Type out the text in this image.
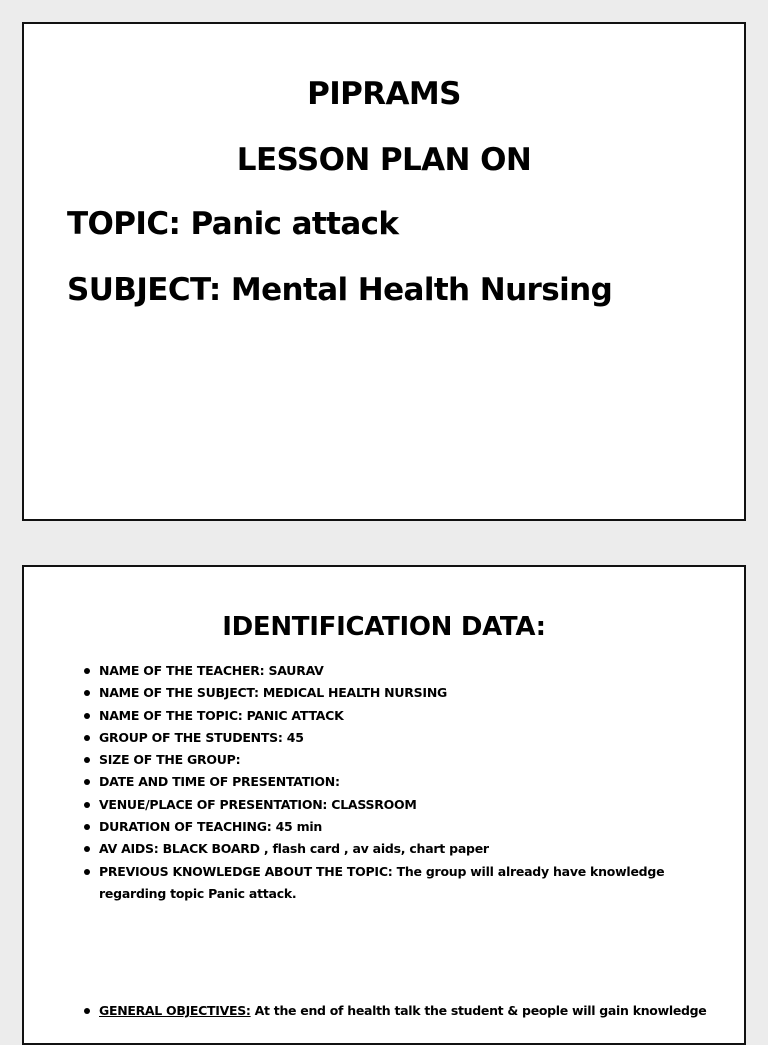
PIPRAMS
LESSON PLAN ON
TOPIC: Panic attack
SUBJECT: Mental Health Nursing
IDENTIFICATION DATA:
NAME OF THE TEACHER: SAURAV
NAME OF THE SUBJECT: MEDICAL HEALTH NURSING
NAME OF THE TOPIC: PANIC ATTACK
GROUP OF THE STUDENTS: 45
SIZE OF THE GROUP:
DATE AND TIME OF PRESENTATION:
VENUE/PLACE OF PRESENTATION: CLASSROOM
DURATION OF TEACHING: 45 min
AV AIDS: BLACK BOARD , flash card , av aids, chart paper
PREVIOUS KNOWLEDGE ABOUT THE TOPIC: The group will already have knowledge regarding topic Panic attack.
GENERAL OBJECTIVES: At the end of health talk the student & people will gain knowledge
